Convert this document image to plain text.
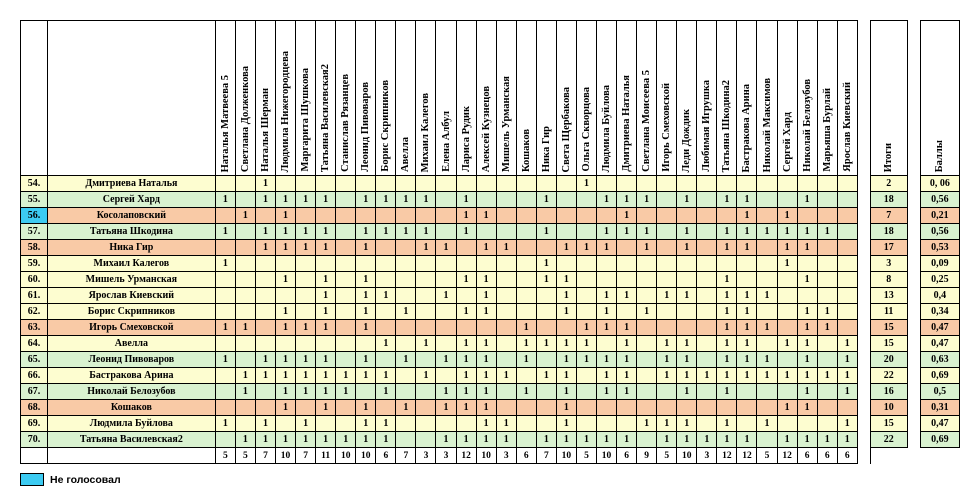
		Наталья Матвеева 5	Светлана Долженкова	Наталья Шерман	Людмила Нижегородцева	Маргарита Шушкова	Татьяна Василевская2	Станислав Рязанцев	Леонид Пивоваров	Борис Скрипников	Авелла	Михаил Калегов	Елена Албул	Лариса Рудик	Алексей Кузнецов	Мишель Урманская	Кошаков	Ника Гир	Света Щербакова	Ольга Скворцова	Людмила Буйлова	Дмитриева Наталья	Светлана Моисеева 5	Игорь Смеховской	Леди Дождик	Любимая Игрушка	Татьяна Шкодина2	Бастракова Арина	Николай Максимов	Сергей Хард	Николай Белозубов	Марьяша Бурлай	Ярослав Киевский		Итоги		Баллы
54.	Дмитриева Наталья			1																1															2		0, 06
55.	Сергей Хард	1		1	1	1	1		1	1	1	1		1				1			1	1	1		1		1	1			1				18		0,56
56.	Косолаповский		1		1									1	1							1						1		1					7		0,21
57.	Татьяна Шкодина	1		1	1	1	1		1	1	1	1		1				1			1	1	1		1		1	1	1	1	1	1			18		0,56
58.	Ника Гир			1	1	1	1		1			1	1		1	1			1	1	1		1		1		1	1		1	1				17		0,53
59.	Михаил Калегов	1																1												1					3		0,09
60.	Мишель Урманская				1		1		1					1	1			1	1								1				1				8		0,25
61.	Ярослав Киевский						1		1	1			1		1				1		1	1		1	1		1	1	1						13		0,4
62.	Борис Скрипников				1		1		1		1			1	1				1		1		1				1	1			1	1			11		0,34
63.	Игорь Смеховской	1	1		1	1	1		1								1			1	1	1					1	1	1		1	1			15		0,47
64.	Авелла									1		1		1	1		1	1	1	1		1		1	1		1	1		1	1		1		15		0,47
65.	Леонид Пивоваров	1		1	1	1	1		1		1		1	1	1		1		1	1	1	1		1	1		1	1	1		1		1		20		0,63
66.	Бастракова Арина		1	1	1	1	1	1	1	1		1		1	1	1		1	1		1	1		1	1	1	1	1	1	1	1	1	1		22		0,69
67.	Николай Белозубов		1		1	1	1	1		1			1	1	1		1		1		1	1			1		1				1		1		16		0,5
68.	Кошаков				1		1		1		1		1	1	1				1											1	1				10		0,31
69.	Людмила Буйлова	1		1		1			1	1					1	1			1				1	1	1		1		1				1		15		0,47
70.	Татьяна Василевская2		1	1	1	1	1	1	1	1			1	1	1	1		1	1	1	1	1		1	1	1	1	1		1	1	1	1		22		0,69
		5	5	7	10	7	11	10	10	6	7	3	3	12	10	3	6	7	10	5	10	6	9	5	10	3	12	12	5	12	6	6	6				
Не голосовал
